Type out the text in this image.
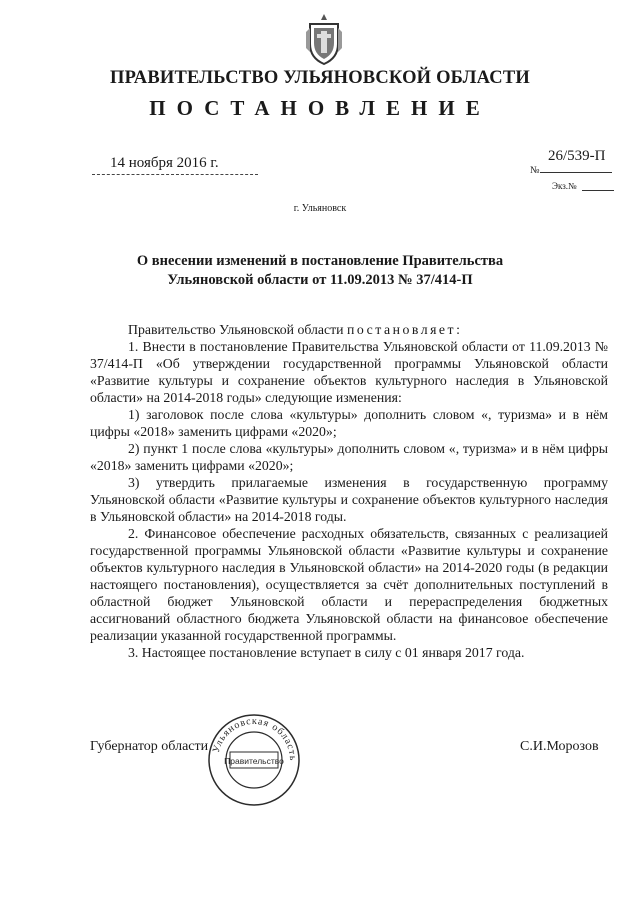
ПРАВИТЕЛЬСТВО УЛЬЯНОВСКОЙ ОБЛАСТИ
ПОСТАНОВЛЕНИЕ
14 ноября 2016 г.	№
26/539-П
Экз.№
г. Ульяновск
О внесении изменений в постановление Правительства
Ульяновской области от 11.09.2013 № 37/414-П

Правительство Ульяновской области постановляет:

1. Внести в постановление Правительства Ульяновской области от 11.09.2013 № 37/414-П «Об утверждении государственной программы Ульяновской области «Развитие культуры и сохранение объектов культурного наследия в Ульяновской области» на 2014-2018 годы» следующие изменения:

1) заголовок после слова «культуры» дополнить словом «, туризма» и в нём цифры «2018» заменить цифрами «2020»;

2) пункт 1 после слова «культуры» дополнить словом «, туризма» и в нём цифры «2018» заменить цифрами «2020»;

3) утвердить прилагаемые изменения в государственную программу Ульяновской области «Развитие культуры и сохранение объектов культурного наследия в Ульяновской области» на 2014-2018 годы.

2. Финансовое обеспечение расходных обязательств, связанных с реализацией государственной программы Ульяновской области «Развитие культуры и сохранение объектов культурного наследия в Ульяновской области» на 2014-2020 годы (в редакции настоящего постановления), осуществляется за счёт дополнительных поступлений в областной бюджет Ульяновской области и перераспределения бюджетных ассигнований областного бюджета Ульяновской области на финансовое обеспечение реализации указанной государственной программы.

3. Настоящее постановление вступает в силу с 01 января 2017 года.

Губернатор области	С.И.Морозов
Ульяновская область
Правительство
